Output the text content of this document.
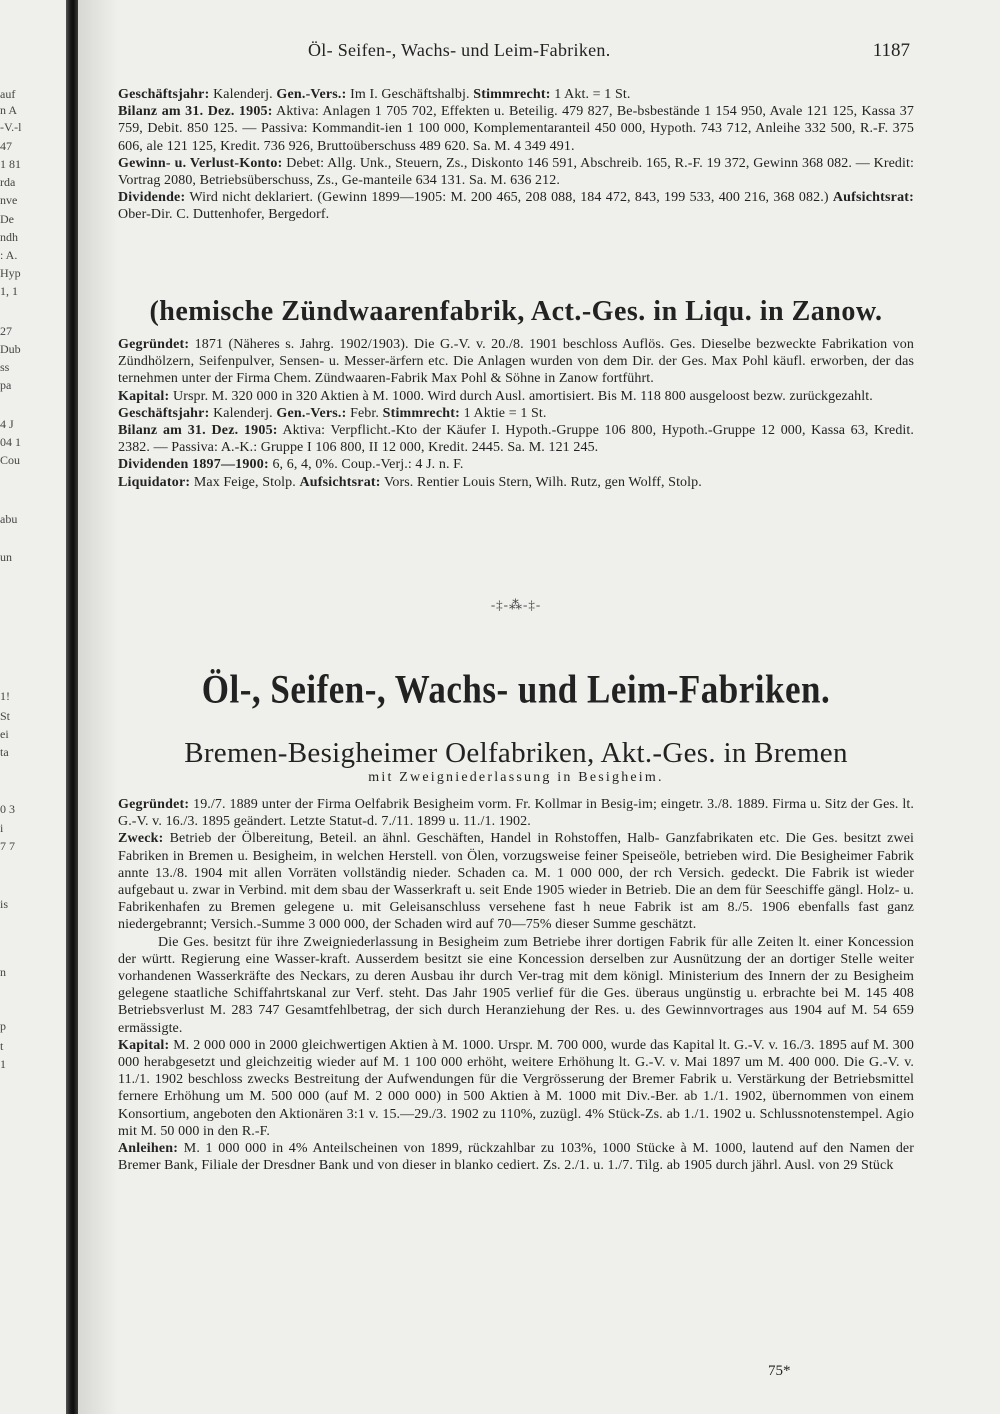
auf
n A
-V.-l
47
1 81
rda
nve
De
ndh
: A.
Hyp
1, 1
27
Dub
ss
pa
4 J
04 1
Cou
abu
un
1!
St
ei
ta
0 3
i
7 7
is
n
p
t
1
Öl- Seifen-, Wachs- und Leim-Fabriken.	1187

Geschäftsjahr: Kalenderj. Gen.-Vers.: Im I. Geschäftshalbj. Stimmrecht: 1 Akt. = 1 St.

Bilanz am 31. Dez. 1905: Aktiva: Anlagen 1 705 702, Effekten u. Beteilig. 479 827, Be-bsbestände 1 154 950, Avale 121 125, Kassa 37 759, Debit. 850 125. — Passiva: Kommandit-ien 1 100 000, Komplementaranteil 450 000, Hypoth. 743 712, Anleihe 332 500, R.-F. 375 606, ale 121 125, Kredit. 736 926, Bruttoüberschuss 489 620. Sa. M. 4 349 491.

Gewinn- u. Verlust-Konto: Debet: Allg. Unk., Steuern, Zs., Diskonto 146 591, Abschreib. 165, R.-F. 19 372, Gewinn 368 082. — Kredit: Vortrag 2080, Betriebsüberschuss, Zs., Ge-manteile 634 131. Sa. M. 636 212.

Dividende: Wird nicht deklariert. (Gewinn 1899—1905: M. 200 465, 208 088, 184 472, 843, 199 533, 400 216, 368 082.) Aufsichtsrat: Ober-Dir. C. Duttenhofer, Bergedorf.

(hemische Zündwaarenfabrik, Act.-Ges. in Liqu. in Zanow.

Gegründet: 1871 (Näheres s. Jahrg. 1902/1903). Die G.-V. v. 20./8. 1901 beschloss Auflös. Ges. Dieselbe bezweckte Fabrikation von Zündhölzern, Seifenpulver, Sensen- u. Messer-ärfern etc. Die Anlagen wurden von dem Dir. der Ges. Max Pohl käufl. erworben, der das ternehmen unter der Firma Chem. Zündwaaren-Fabrik Max Pohl & Söhne in Zanow fortführt.

Kapital: Urspr. M. 320 000 in 320 Aktien à M. 1000. Wird durch Ausl. amortisiert. Bis M. 118 800 ausgeloost bezw. zurückgezahlt.

Geschäftsjahr: Kalenderj. Gen.-Vers.: Febr. Stimmrecht: 1 Aktie = 1 St.

Bilanz am 31. Dez. 1905: Aktiva: Verpflicht.-Kto der Käufer I. Hypoth.-Gruppe 106 800, Hypoth.-Gruppe 12 000, Kassa 63, Kredit. 2382. — Passiva: A.-K.: Gruppe I 106 800, II 12 000, Kredit. 2445. Sa. M. 121 245.

Dividenden 1897—1900: 6, 6, 4, 0%. Coup.-Verj.: 4 J. n. F.

Liquidator: Max Feige, Stolp. Aufsichtsrat: Vors. Rentier Louis Stern, Wilh. Rutz, gen Wolff, Stolp.

-‡-⁂-‡-
Öl-, Seifen-, Wachs- und Leim-Fabriken.
Bremen-Besigheimer Oelfabriken, Akt.-Ges. in Bremen
mit Zweigniederlassung in Besigheim.

Gegründet: 19./7. 1889 unter der Firma Oelfabrik Besigheim vorm. Fr. Kollmar in Besig-im; eingetr. 3./8. 1889. Firma u. Sitz der Ges. lt. G.-V. v. 16./3. 1895 geändert. Letzte Statut-d. 7./11. 1899 u. 11./1. 1902.

Zweck: Betrieb der Ölbereitung, Beteil. an ähnl. Geschäften, Handel in Rohstoffen, Halb- Ganzfabrikaten etc. Die Ges. besitzt zwei Fabriken in Bremen u. Besigheim, in welchen Herstell. von Ölen, vorzugsweise feiner Speiseöle, betrieben wird. Die Besigheimer Fabrik annte 13./8. 1904 mit allen Vorräten vollständig nieder. Schaden ca. M. 1 000 000, der rch Versich. gedeckt. Die Fabrik ist wieder aufgebaut u. zwar in Verbind. mit dem sbau der Wasserkraft u. seit Ende 1905 wieder in Betrieb. Die an dem für Seeschiffe gängl. Holz- u. Fabrikenhafen zu Bremen gelegene u. mit Geleisanschluss versehene fast h neue Fabrik ist am 8./5. 1906 ebenfalls fast ganz niedergebrannt; Versich.-Summe 3 000 000, der Schaden wird auf 70—75% dieser Summe geschätzt.

Die Ges. besitzt für ihre Zweigniederlassung in Besigheim zum Betriebe ihrer dortigen Fabrik für alle Zeiten lt. einer Koncession der württ. Regierung eine Wasser-kraft. Ausserdem besitzt sie eine Koncession derselben zur Ausnützung der an dortiger Stelle weiter vorhandenen Wasserkräfte des Neckars, zu deren Ausbau ihr durch Ver-trag mit dem königl. Ministerium des Innern der zu Besigheim gelegene staatliche Schiffahrtskanal zur Verf. steht. Das Jahr 1905 verlief für die Ges. überaus ungünstig u. erbrachte bei M. 145 408 Betriebsverlust M. 283 747 Gesamtfehlbetrag, der sich durch Heranziehung der Res. u. des Gewinnvortrages aus 1904 auf M. 54 659 ermässigte.

Kapital: M. 2 000 000 in 2000 gleichwertigen Aktien à M. 1000. Urspr. M. 700 000, wurde das Kapital lt. G.-V. v. 16./3. 1895 auf M. 300 000 herabgesetzt und gleichzeitig wieder auf M. 1 100 000 erhöht, weitere Erhöhung lt. G.-V. v. Mai 1897 um M. 400 000. Die G.-V. v. 11./1. 1902 beschloss zwecks Bestreitung der Aufwendungen für die Vergrösserung der Bremer Fabrik u. Verstärkung der Betriebsmittel fernere Erhöhung um M. 500 000 (auf M. 2 000 000) in 500 Aktien à M. 1000 mit Div.-Ber. ab 1./1. 1902, übernommen von einem Konsortium, angeboten den Aktionären 3:1 v. 15.—29./3. 1902 zu 110%, zuzügl. 4% Stück-Zs. ab 1./1. 1902 u. Schlussnotenstempel. Agio mit M. 50 000 in den R.-F.

Anleihen: M. 1 000 000 in 4% Anteilscheinen von 1899, rückzahlbar zu 103%, 1000 Stücke à M. 1000, lautend auf den Namen der Bremer Bank, Filiale der Dresdner Bank und von dieser in blanko cediert. Zs. 2./1. u. 1./7. Tilg. ab 1905 durch jährl. Ausl. von 29 Stück

75*
